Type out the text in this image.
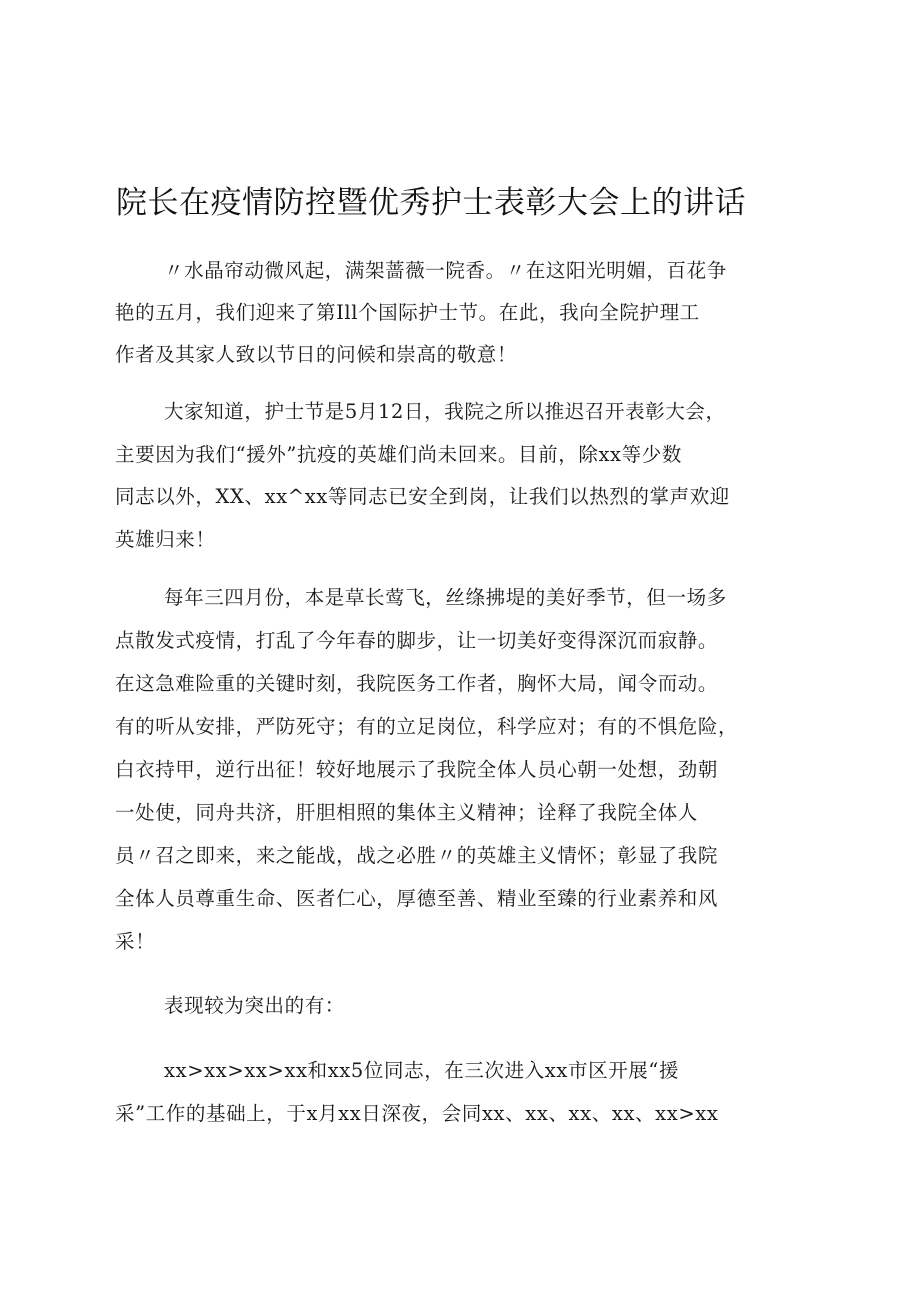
院长在疫情防控暨优秀护士表彰大会上的讲话

〃水晶帘动微风起，满架蔷薇一院香。〃在这阳光明媚，百花争

艳的五月，我们迎来了第Ill个国际护士节。在此，我向全院护理工

作者及其家人致以节日的问候和崇高的敬意！

大家知道，护士节是5月12日，我院之所以推迟召开表彰大会，

主要因为我们“援外”抗疫的英雄们尚未回来。目前，除xx等少数

同志以外，XX、xx^xx等同志已安全到岗，让我们以热烈的掌声欢迎

英雄归来！

每年三四月份，本是草长莺飞，丝绦拂堤的美好季节，但一场多

点散发式疫情，打乱了今年春的脚步，让一切美好变得深沉而寂静。

在这急难险重的关键时刻，我院医务工作者，胸怀大局，闻令而动。

有的听从安排，严防死守；有的立足岗位，科学应对；有的不惧危险，

白衣持甲，逆行出征！较好地展示了我院全体人员心朝一处想，劲朝

一处使，同舟共济，肝胆相照的集体主义精神；诠释了我院全体人

员〃召之即来，来之能战，战之必胜〃的英雄主义情怀；彰显了我院

全体人员尊重生命、医者仁心，厚德至善、精业至臻的行业素养和风

采！

表现较为突出的有：

xx>xx>xx>xx和xx5位同志，在三次进入xx市区开展“援

采”工作的基础上，于x月xx日深夜，会同xx、xx、xx、xx、xx>xx
